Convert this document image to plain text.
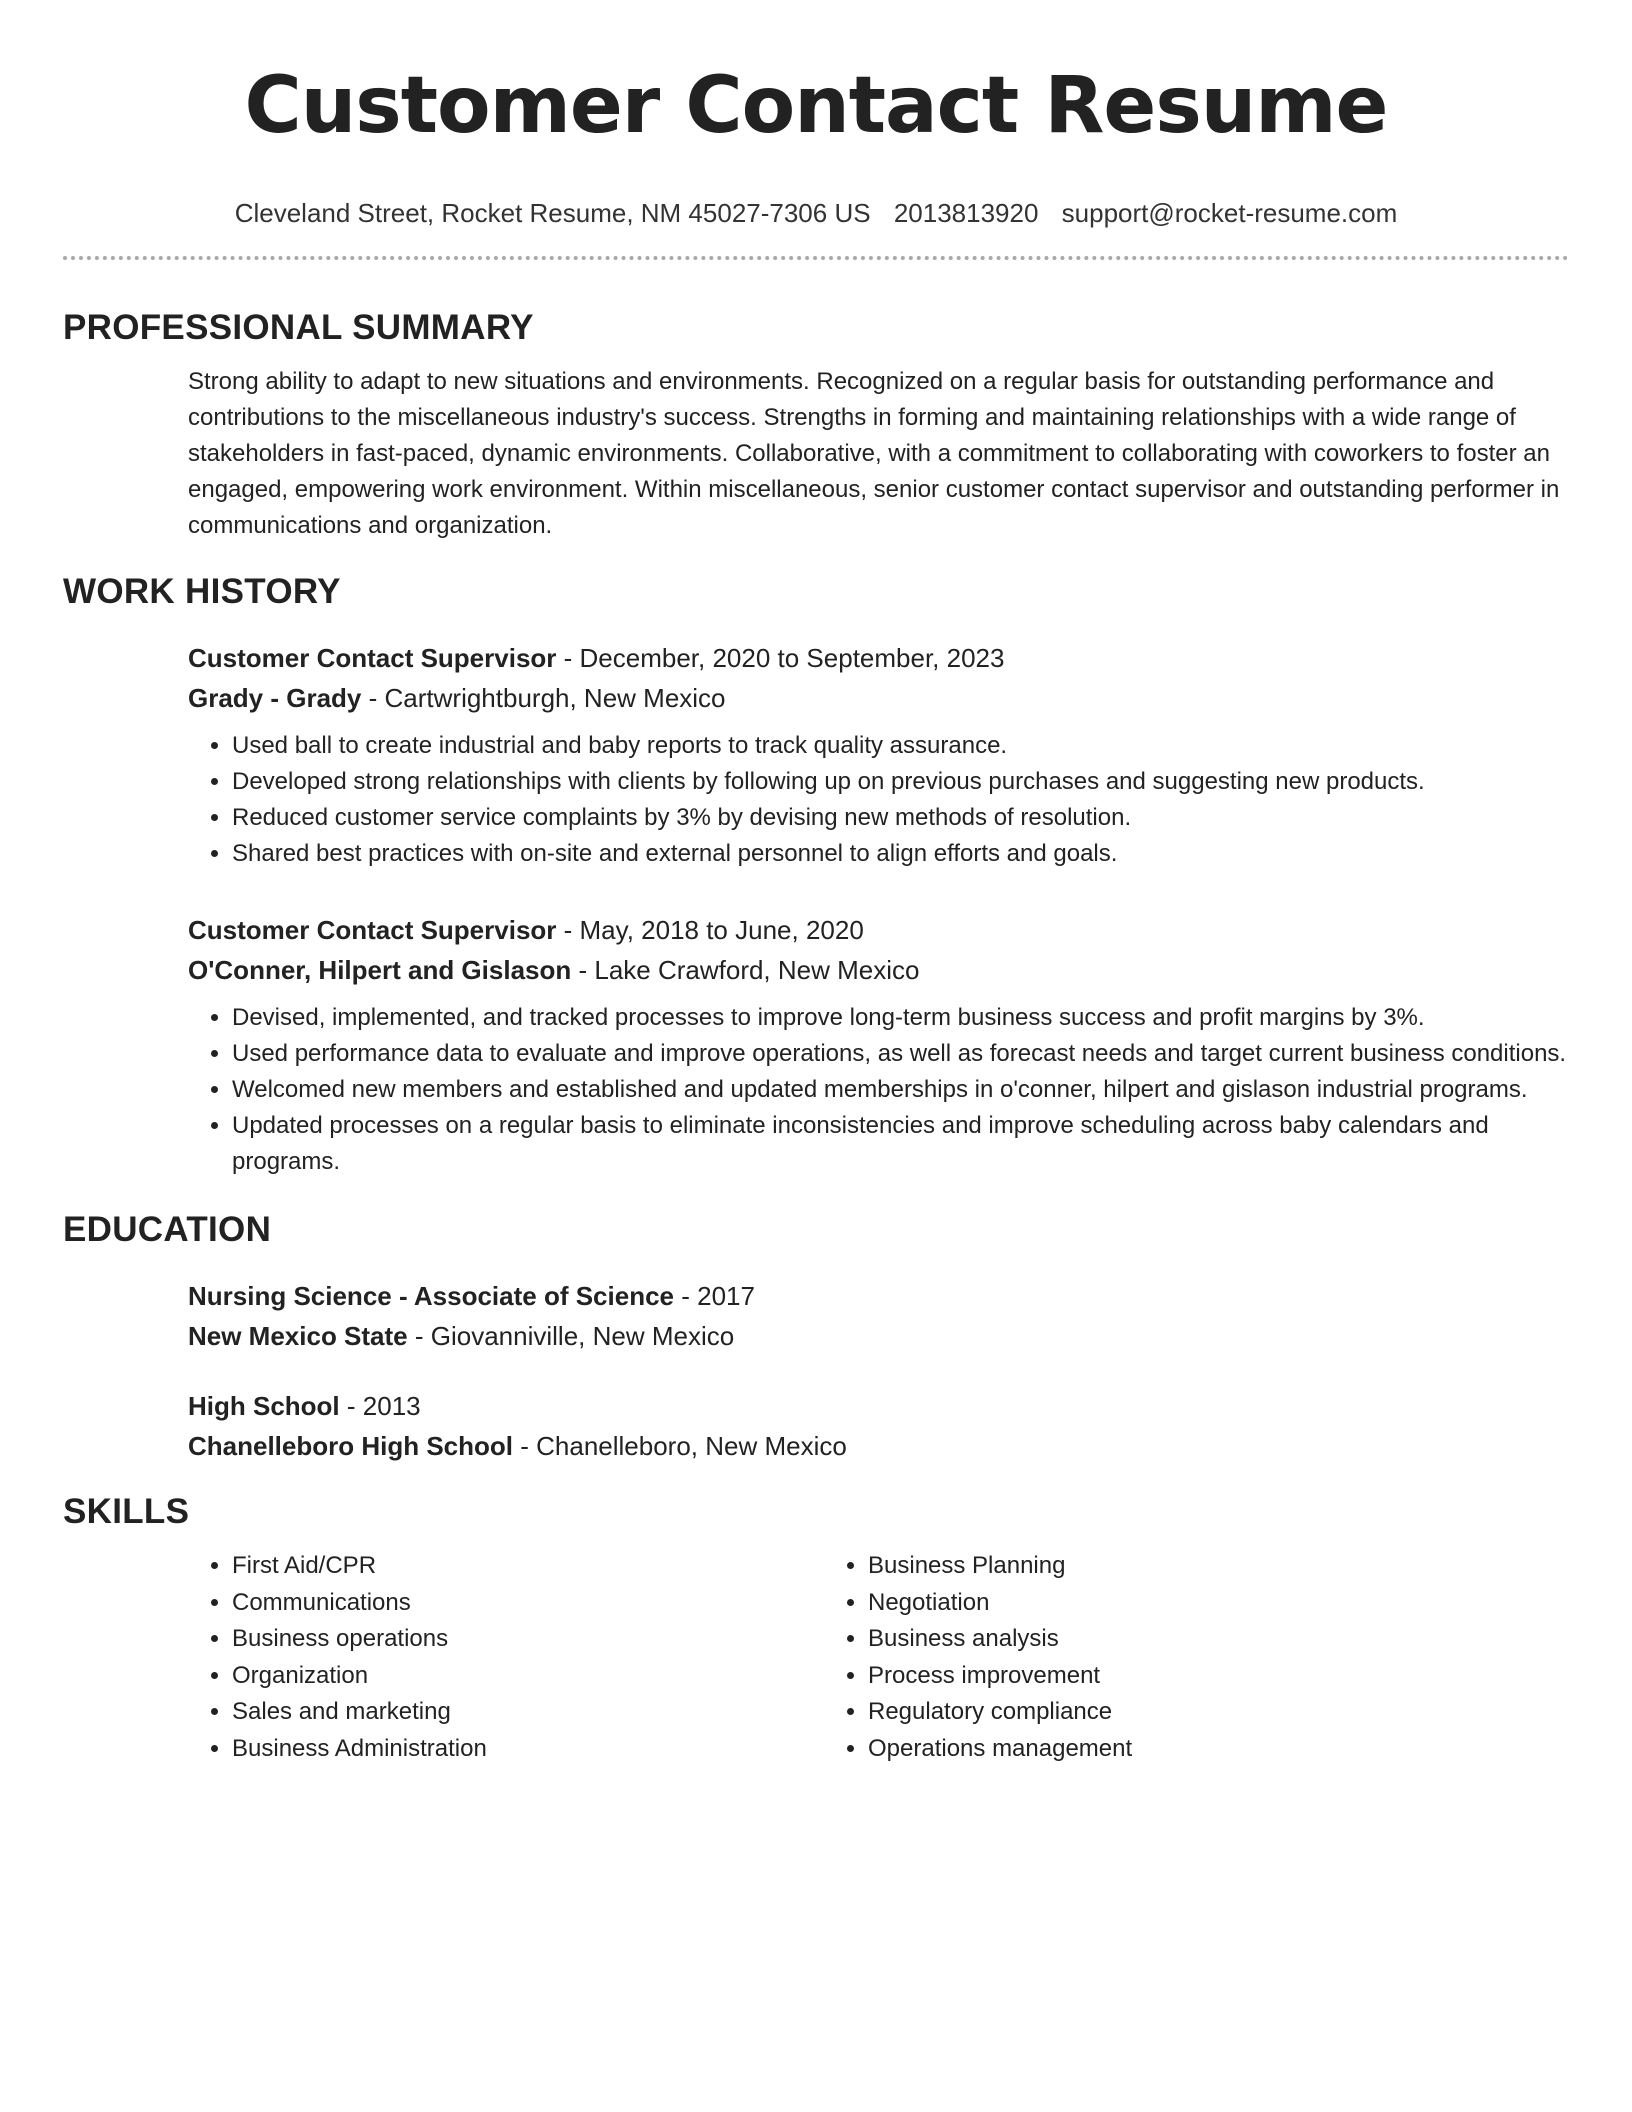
Customer Contact Resume
Cleveland Street, Rocket Resume, NM 45027-7306 US 2013813920 support@rocket-resume.com
PROFESSIONAL SUMMARY

Strong ability to adapt to new situations and environments. Recognized on a regular basis for outstanding performance and contributions to the miscellaneous industry's success. Strengths in forming and maintaining relationships with a wide range of stakeholders in fast-paced, dynamic environments. Collaborative, with a commitment to collaborating with coworkers to foster an engaged, empowering work environment. Within miscellaneous, senior customer contact supervisor and outstanding performer in communications and organization.

WORK HISTORY
Customer Contact Supervisor - December, 2020 to September, 2023
Grady - Grady - Cartwrightburgh, New Mexico
• Used ball to create industrial and baby reports to track quality assurance.
• Developed strong relationships with clients by following up on previous purchases and suggesting new products.
• Reduced customer service complaints by 3% by devising new methods of resolution.
• Shared best practices with on-site and external personnel to align efforts and goals.
Customer Contact Supervisor - May, 2018 to June, 2020
O'Conner, Hilpert and Gislason - Lake Crawford, New Mexico
• Devised, implemented, and tracked processes to improve long-term business success and profit margins by 3%.
• Used performance data to evaluate and improve operations, as well as forecast needs and target current business conditions.
• Welcomed new members and established and updated memberships in o'conner, hilpert and gislason industrial programs.
• Updated processes on a regular basis to eliminate inconsistencies and improve scheduling across baby calendars and programs.
EDUCATION
Nursing Science - Associate of Science - 2017
New Mexico State - Giovanniville, New Mexico
High School - 2013
Chanelleboro High School - Chanelleboro, New Mexico
SKILLS
• First Aid/CPR
• Communications
• Business operations
• Organization
• Sales and marketing
• Business Administration
• Business Planning
• Negotiation
• Business analysis
• Process improvement
• Regulatory compliance
• Operations management
